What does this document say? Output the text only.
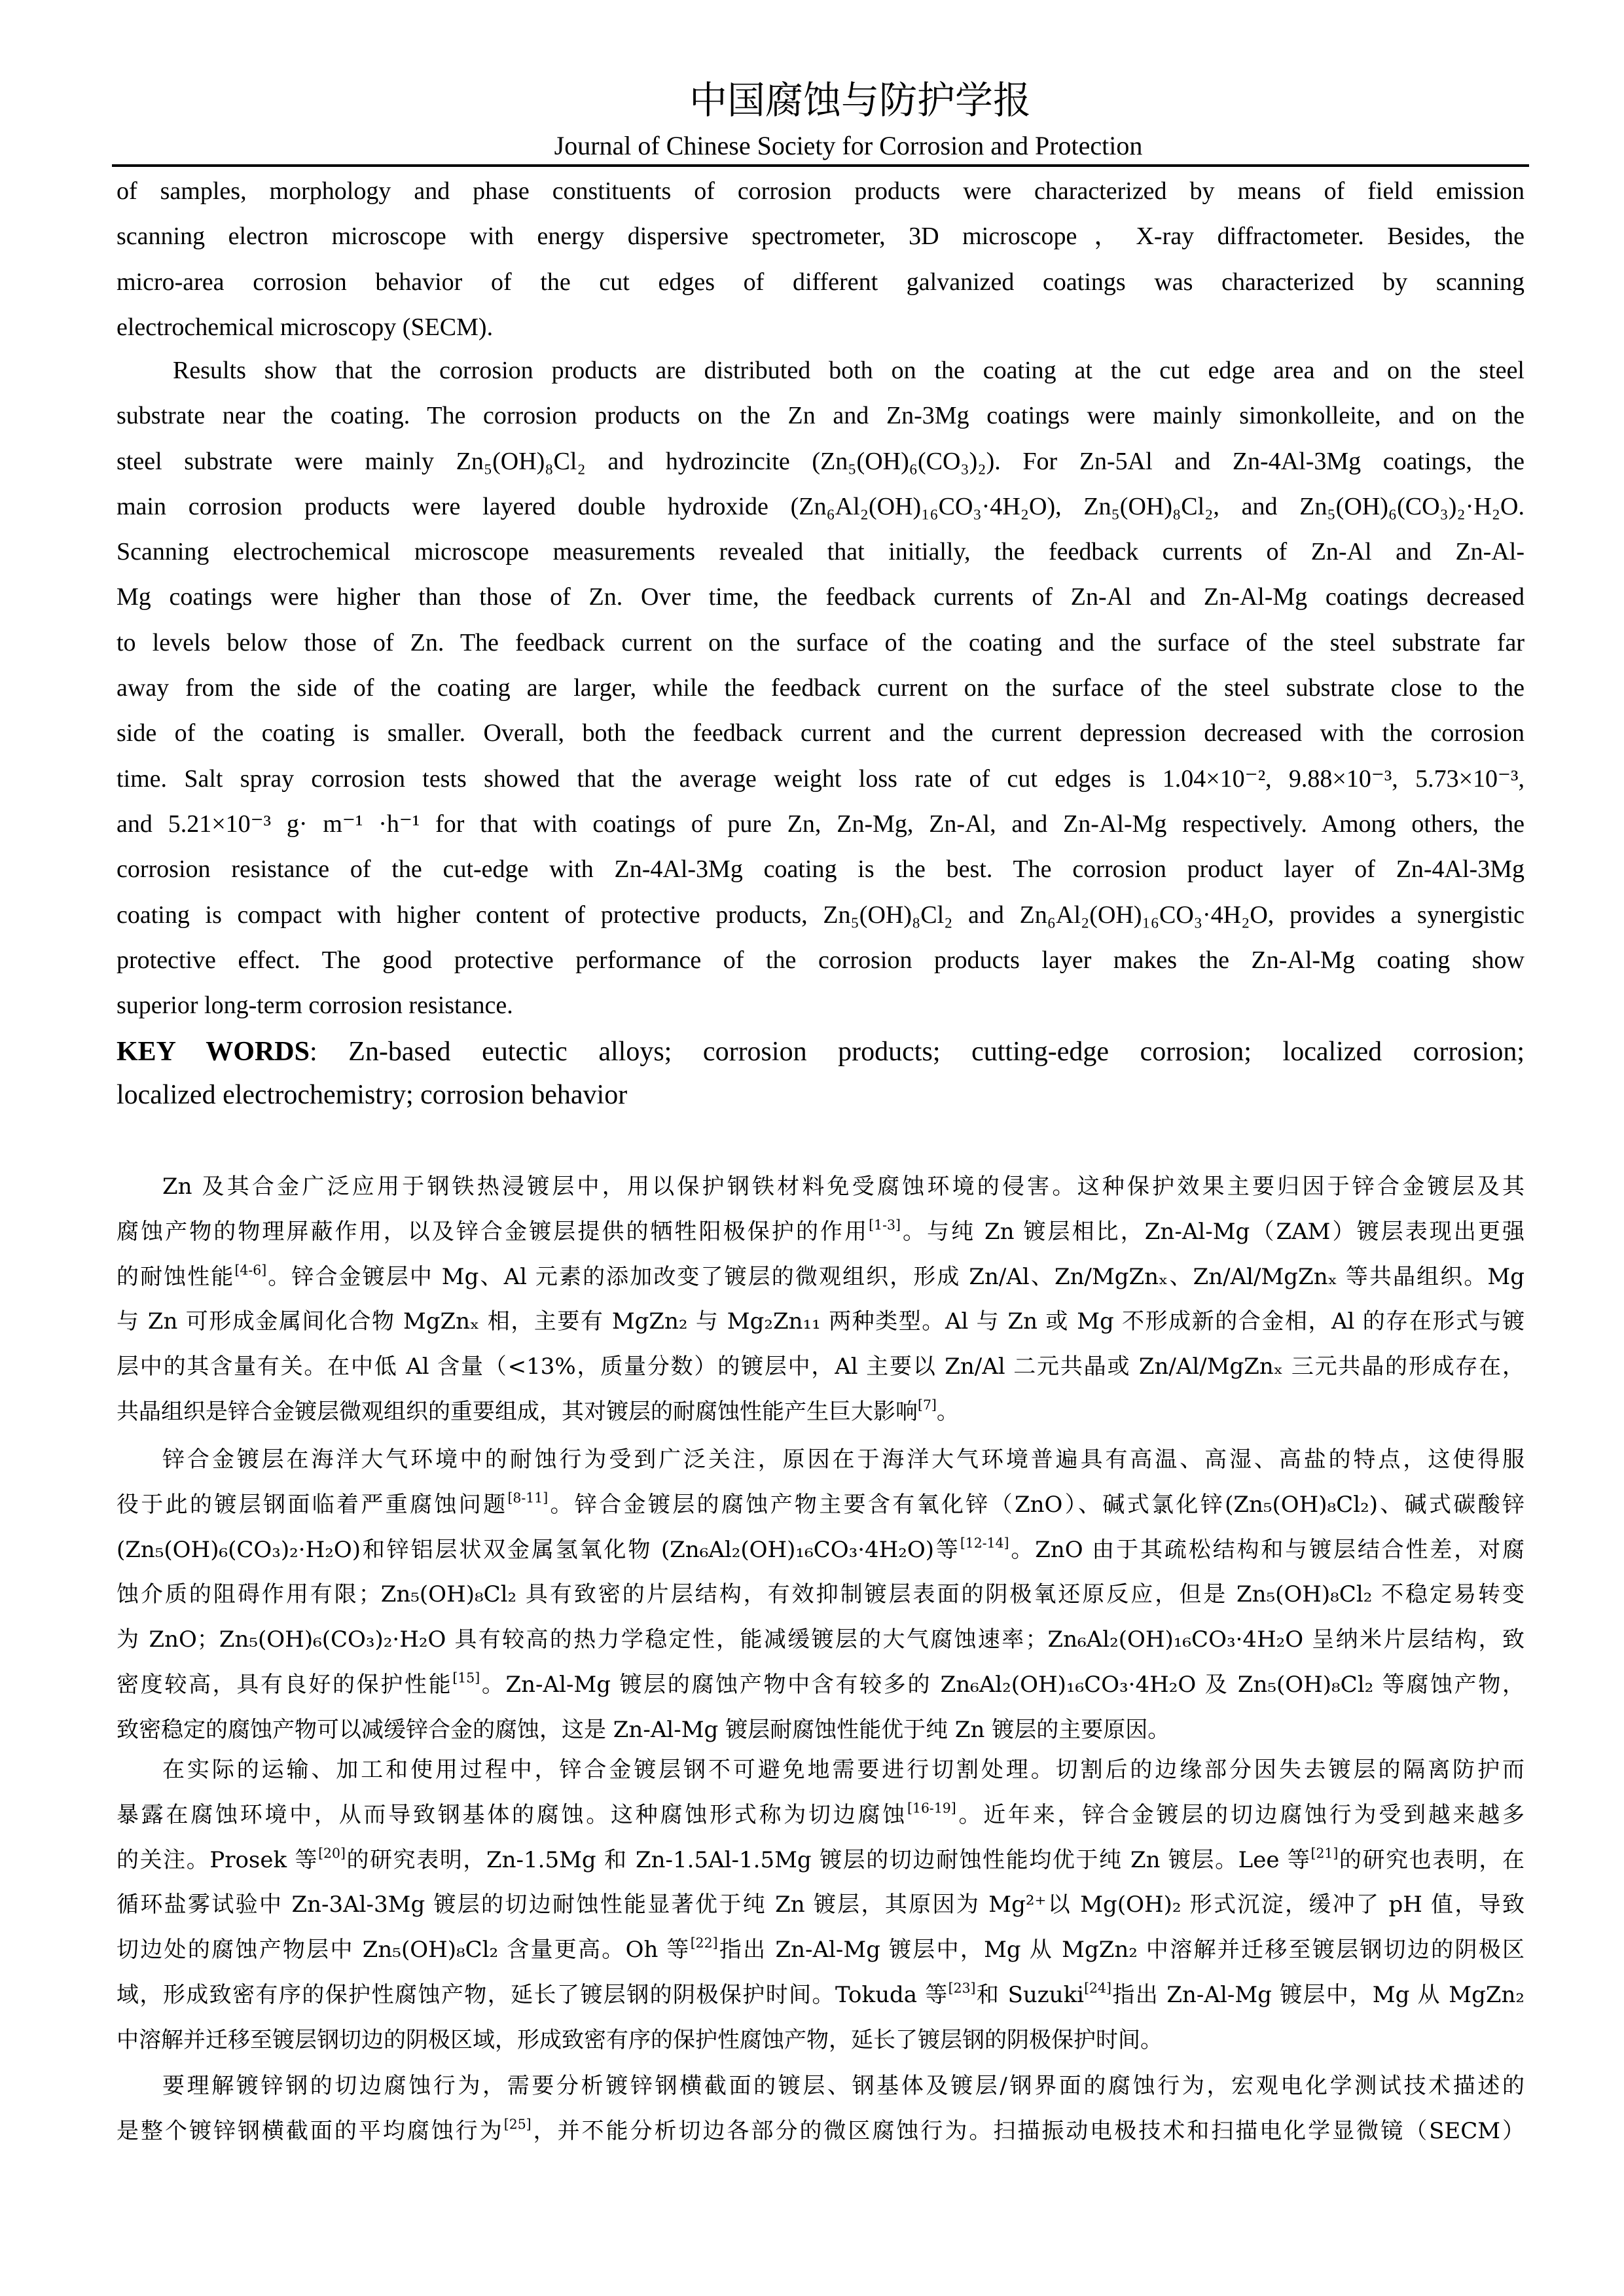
中国腐蚀与防护学报
Journal of Chinese Society for Corrosion and Protection
of samples, morphology and phase constituents of corrosion products were characterized by means of field emission
scanning electron microscope with energy dispersive spectrometer, 3D microscope，X-ray diffractometer. Besides, the
micro-area corrosion behavior of the cut edges of different galvanized coatings was characterized by scanning
electrochemical microscopy (SECM).
Results show that the corrosion products are distributed both on the coating at the cut edge area and on the steel
substrate near the coating. The corrosion products on the Zn and Zn-3Mg coatings were mainly simonkolleite, and on the
steel substrate were mainly Zn₅(OH)₈Cl₂ and hydrozincite (Zn₅(OH)₆(CO₃)₂). For Zn-5Al and Zn-4Al-3Mg coatings, the
main corrosion products were layered double hydroxide (Zn₆Al₂(OH)₁₆CO₃·4H₂O), Zn₅(OH)₈Cl₂, and Zn₅(OH)₆(CO₃)₂·H₂O.
Scanning electrochemical microscope measurements revealed that initially, the feedback currents of Zn-Al and Zn-Al-
Mg coatings were higher than those of Zn. Over time, the feedback currents of Zn-Al and Zn-Al-Mg coatings decreased
to levels below those of Zn. The feedback current on the surface of the coating and the surface of the steel substrate far
away from the side of the coating are larger, while the feedback current on the surface of the steel substrate close to the
side of the coating is smaller. Overall, both the feedback current and the current depression decreased with the corrosion
time. Salt spray corrosion tests showed that the average weight loss rate of cut edges is 1.04×10⁻², 9.88×10⁻³, 5.73×10⁻³,
and 5.21×10⁻³ g· m⁻¹ ·h⁻¹ for that with coatings of pure Zn, Zn-Mg, Zn-Al, and Zn-Al-Mg respectively. Among others, the
corrosion resistance of the cut-edge with Zn-4Al-3Mg coating is the best. The corrosion product layer of Zn-4Al-3Mg
coating is compact with higher content of protective products, Zn₅(OH)₈Cl₂ and Zn₆Al₂(OH)₁₆CO₃·4H₂O, provides a synergistic
protective effect. The good protective performance of the corrosion products layer makes the Zn-Al-Mg coating show
superior long-term corrosion resistance.
KEY WORDS: Zn-based eutectic alloys; corrosion products; cutting-edge corrosion; localized corrosion;
localized electrochemistry; corrosion behavior
Zn 及其合金广泛应用于钢铁热浸镀层中，用以保护钢铁材料免受腐蚀环境的侵害。这种保护效果主要归因于锌合金镀层及其
腐蚀产物的物理屏蔽作用，以及锌合金镀层提供的牺牲阳极保护的作用[1-3]。与纯 Zn 镀层相比，Zn-Al-Mg（ZAM）镀层表现出更强
的耐蚀性能[4-6]。锌合金镀层中 Mg、Al 元素的添加改变了镀层的微观组织，形成 Zn/Al、Zn/MgZnₓ、Zn/Al/MgZnₓ 等共晶组织。Mg
与 Zn 可形成金属间化合物 MgZnₓ 相，主要有 MgZn₂ 与 Mg₂Zn₁₁ 两种类型。Al 与 Zn 或 Mg 不形成新的合金相，Al 的存在形式与镀
层中的其含量有关。在中低 Al 含量（<13%，质量分数）的镀层中，Al 主要以 Zn/Al 二元共晶或 Zn/Al/MgZnₓ 三元共晶的形成存在，
共晶组织是锌合金镀层微观组织的重要组成，其对镀层的耐腐蚀性能产生巨大影响[7]。
锌合金镀层在海洋大气环境中的耐蚀行为受到广泛关注，原因在于海洋大气环境普遍具有高温、高湿、高盐的特点，这使得服
役于此的镀层钢面临着严重腐蚀问题[8-11]。锌合金镀层的腐蚀产物主要含有氧化锌（ZnO）、碱式氯化锌(Zn₅(OH)₈Cl₂)、碱式碳酸锌
(Zn₅(OH)₆(CO₃)₂·H₂O)和锌铝层状双金属氢氧化物 (Zn₆Al₂(OH)₁₆CO₃·4H₂O)等[12-14]。ZnO 由于其疏松结构和与镀层结合性差，对腐
蚀介质的阻碍作用有限；Zn₅(OH)₈Cl₂ 具有致密的片层结构，有效抑制镀层表面的阴极氧还原反应，但是 Zn₅(OH)₈Cl₂ 不稳定易转变
为 ZnO；Zn₅(OH)₆(CO₃)₂·H₂O 具有较高的热力学稳定性，能减缓镀层的大气腐蚀速率；Zn₆Al₂(OH)₁₆CO₃·4H₂O 呈纳米片层结构，致
密度较高，具有良好的保护性能[15]。Zn-Al-Mg 镀层的腐蚀产物中含有较多的 Zn₆Al₂(OH)₁₆CO₃·4H₂O 及 Zn₅(OH)₈Cl₂ 等腐蚀产物，
致密稳定的腐蚀产物可以减缓锌合金的腐蚀，这是 Zn-Al-Mg 镀层耐腐蚀性能优于纯 Zn 镀层的主要原因。
在实际的运输、加工和使用过程中，锌合金镀层钢不可避免地需要进行切割处理。切割后的边缘部分因失去镀层的隔离防护而
暴露在腐蚀环境中，从而导致钢基体的腐蚀。这种腐蚀形式称为切边腐蚀[16-19]。近年来，锌合金镀层的切边腐蚀行为受到越来越多
的关注。Prosek 等[20]的研究表明，Zn-1.5Mg 和 Zn-1.5Al-1.5Mg 镀层的切边耐蚀性能均优于纯 Zn 镀层。Lee 等[21]的研究也表明，在
循环盐雾试验中 Zn-3Al-3Mg 镀层的切边耐蚀性能显著优于纯 Zn 镀层，其原因为 Mg²⁺以 Mg(OH)₂ 形式沉淀，缓冲了 pH 值，导致
切边处的腐蚀产物层中 Zn₅(OH)₈Cl₂ 含量更高。Oh 等[22]指出 Zn-Al-Mg 镀层中，Mg 从 MgZn₂ 中溶解并迁移至镀层钢切边的阴极区
域，形成致密有序的保护性腐蚀产物，延长了镀层钢的阴极保护时间。Tokuda 等[23]和 Suzuki[24]指出 Zn-Al-Mg 镀层中，Mg 从 MgZn₂
中溶解并迁移至镀层钢切边的阴极区域，形成致密有序的保护性腐蚀产物，延长了镀层钢的阴极保护时间。
要理解镀锌钢的切边腐蚀行为，需要分析镀锌钢横截面的镀层、钢基体及镀层/钢界面的腐蚀行为，宏观电化学测试技术描述的
是整个镀锌钢横截面的平均腐蚀行为[25]，并不能分析切边各部分的微区腐蚀行为。扫描振动电极技术和扫描电化学显微镜（SECM）
